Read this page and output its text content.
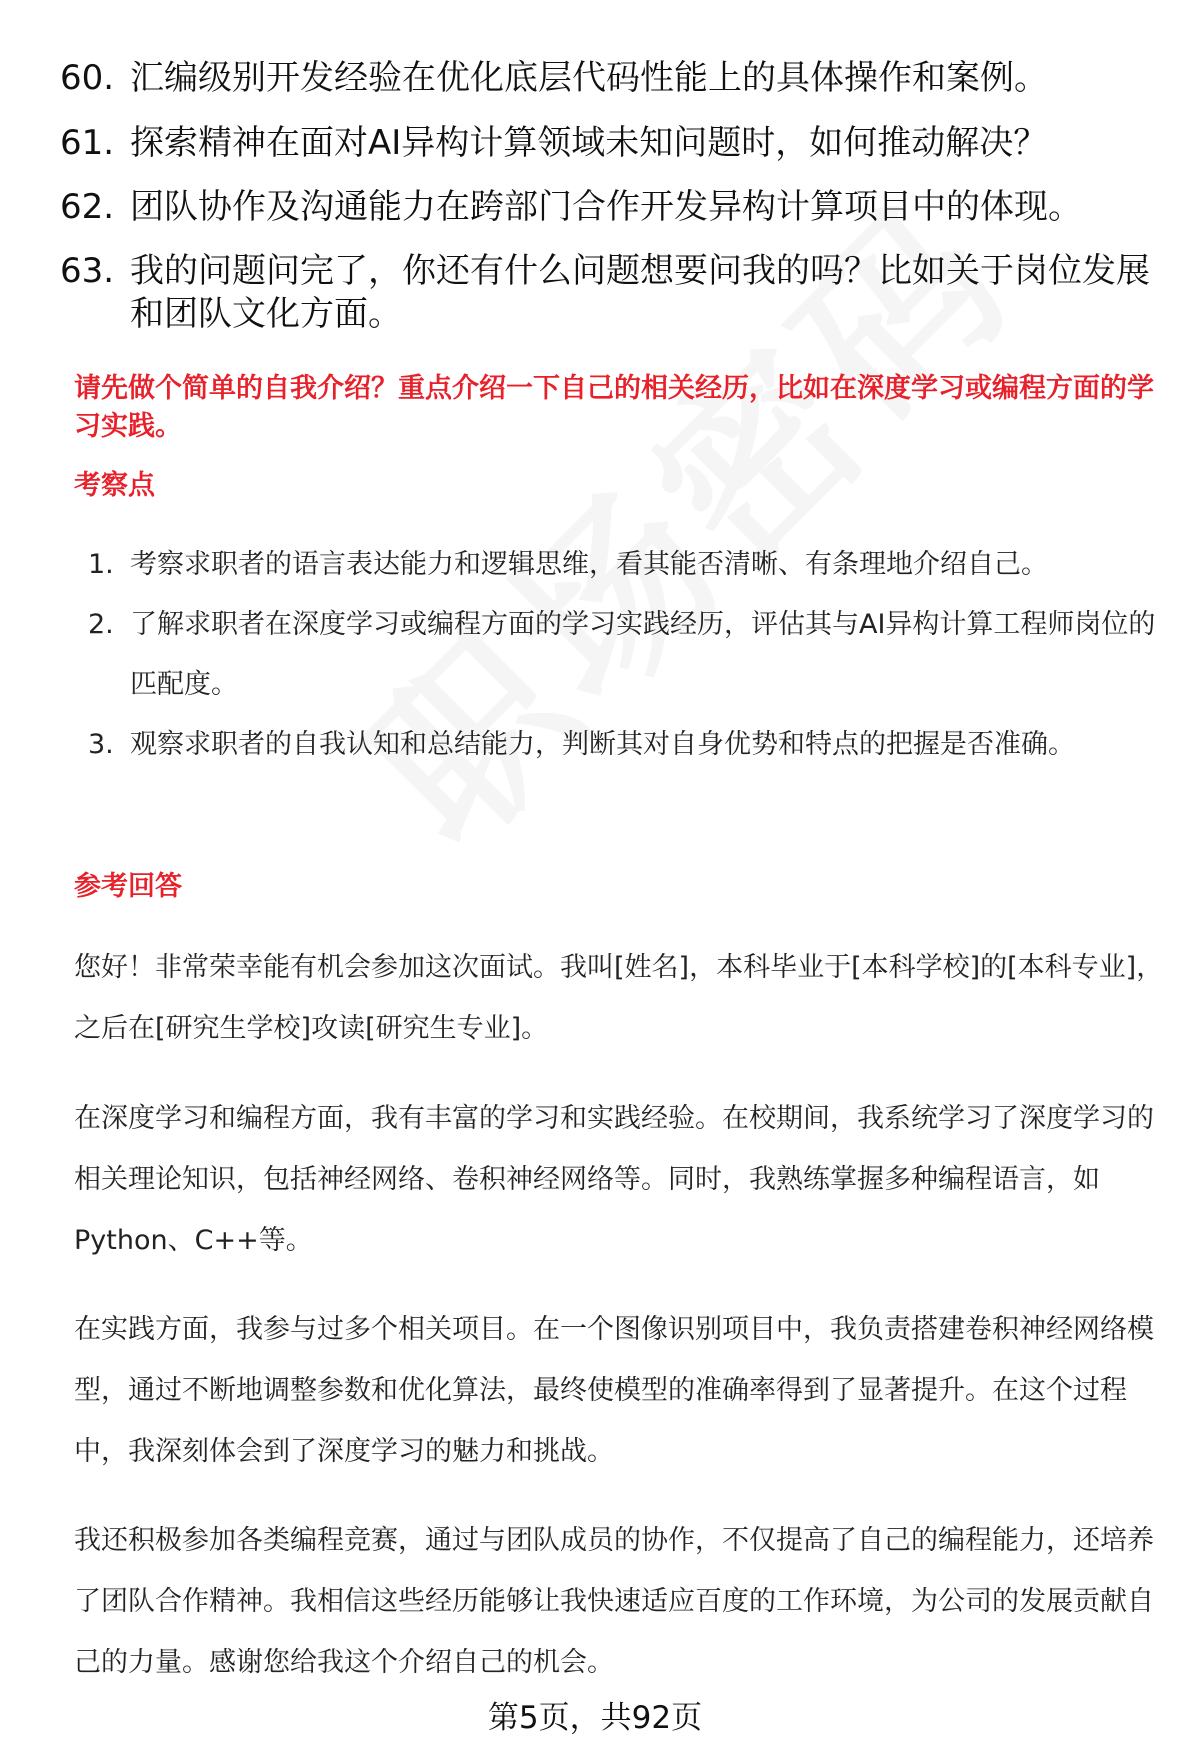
60. 汇编级别开发经验在优化底层代码性能上的具体操作和案例。
61. 探索精神在面对AI异构计算领域未知问题时，如何推动解决？
62. 团队协作及沟通能力在跨部门合作开发异构计算项目中的体现。
63. 我的问题问完了，你还有什么问题想要问我的吗？比如关于岗位发展和团队文化方面。
请先做个简单的自我介绍？重点介绍一下自己的相关经历，比如在深度学习或编程方面的学习实践。
考察点
1. 考察求职者的语言表达能力和逻辑思维，看其能否清晰、有条理地介绍自己。
2. 了解求职者在深度学习或编程方面的学习实践经历，评估其与AI异构计算工程师岗位的匹配度。
3. 观察求职者的自我认知和总结能力，判断其对自身优势和特点的把握是否准确。
参考回答
您好！非常荣幸能有机会参加这次面试。我叫[姓名]，本科毕业于[本科学校]的[本科专业]，之后在[研究生学校]攻读[研究生专业]。
在深度学习和编程方面，我有丰富的学习和实践经验。在校期间，我系统学习了深度学习的相关理论知识，包括神经网络、卷积神经网络等。同时，我熟练掌握多种编程语言，如Python、C++等。
在实践方面，我参与过多个相关项目。在一个图像识别项目中，我负责搭建卷积神经网络模型，通过不断地调整参数和优化算法，最终使模型的准确率得到了显著提升。在这个过程中，我深刻体会到了深度学习的魅力和挑战。
我还积极参加各类编程竞赛，通过与团队成员的协作，不仅提高了自己的编程能力，还培养了团队合作精神。我相信这些经历能够让我快速适应百度的工作环境，为公司的发展贡献自己的力量。感谢您给我这个介绍自己的机会。
第5页，共92页
